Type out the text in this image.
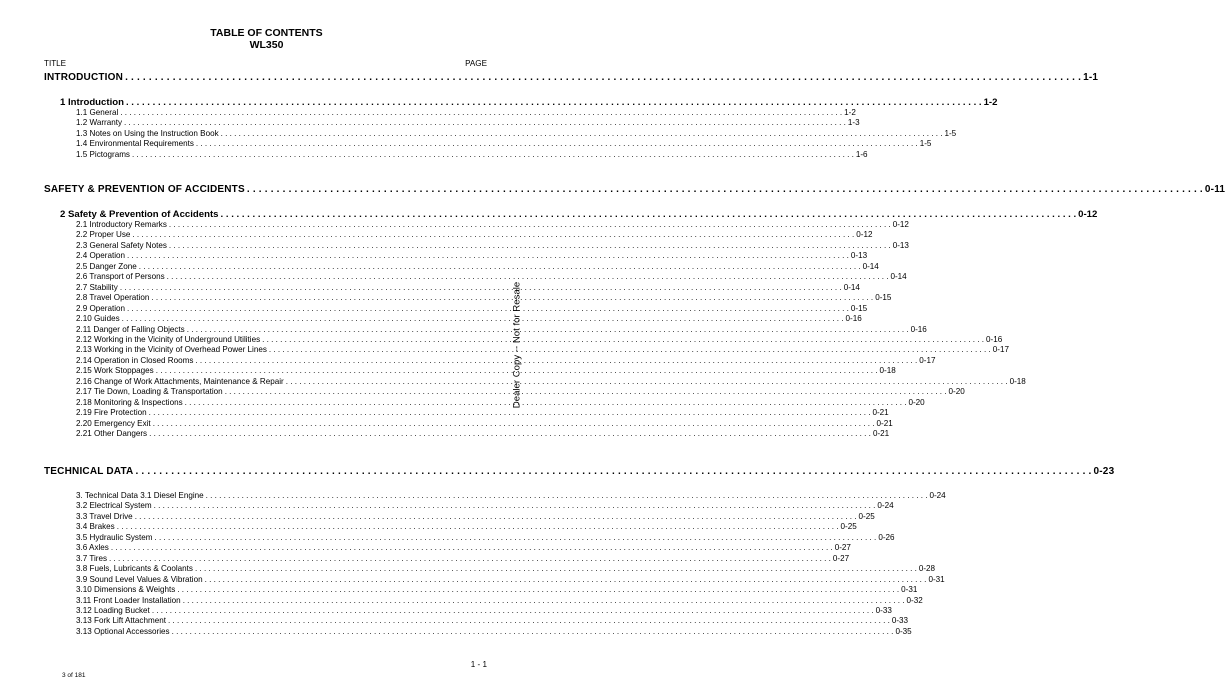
TABLE OF CONTENTS
WL350
TITLE	PAGE
INTRODUCTION . . . . . . . . . . . . . . . . . . . . . . . . . . . . . . . . . . . . . . . . . . . . . . . . . . . . . . . . . . . . . . . . . . . . . . . . . . . . . . . . . . . . . . . . . . . . . . . . . . . . . . . . . . . . . . . . . . . . . . . . . . . . . . . . . . . . . . . . . . . . . . . . . . . . . . . . . . . . . . . . . 1-1
1 Introduction . . . . . . . . . . . . . . . . . . . . . . . . . . . . . . . . . . . . . . . . . . . . . . . . . . . . . . . . . . . . . . . . . . . . . . . . . . . . . . . . . . . . . . . . . . . . . . . . . . . . . . . . . . . . . . . . . . . . . . . . . . . . . . . . . . . . . . . . . . . . . . . . . . . . . . . . . . . . . . . . . 1-2
1.1 General . . . . . . . . . . . . . . . . . . . . . . . . . . . . . . . . . . . . . . . . . . . . . . . . . . . . . . . . . . . . . . . . . . . . . . . . . . . . . . . . . . . . . . . . . . . . . . . . . . . . . . . . . . . . . . . . . . . . . . . . . . . . . . . . . . . . . . . . . . . . . . . . . . . . . . . . . . . . . . . . . 1-2
1.2 Warranty . . . . . . . . . . . . . . . . . . . . . . . . . . . . . . . . . . . . . . . . . . . . . . . . . . . . . . . . . . . . . . . . . . . . . . . . . . . . . . . . . . . . . . . . . . . . . . . . . . . . . . . . . . . . . . . . . . . . . . . . . . . . . . . . . . . . . . . . . . . . . . . . . . . . . . . . . . . . . . . . . 1-3
1.3 Notes on Using the Instruction Book . . . . . . . . . . . . . . . . . . . . . . . . . . . . . . . . . . . . . . . . . . . . . . . . . . . . . . . . . . . . . . . . . . . . . . . . . . . . . . . . . . . . . . . . . . . . . . . . . . . . . . . . . . . . . . . . . . . . . . . . . . . . . . . . . . . . . . . . . . . . . . . . . . . . . . . . . . . . . . . . . 1-5
1.4 Environmental Requirements . . . . . . . . . . . . . . . . . . . . . . . . . . . . . . . . . . . . . . . . . . . . . . . . . . . . . . . . . . . . . . . . . . . . . . . . . . . . . . . . . . . . . . . . . . . . . . . . . . . . . . . . . . . . . . . . . . . . . . . . . . . . . . . . . . . . . . . . . . . . . . . . . . . . . . . . . . . . . . . . . 1-5
1.5 Pictograms . . . . . . . . . . . . . . . . . . . . . . . . . . . . . . . . . . . . . . . . . . . . . . . . . . . . . . . . . . . . . . . . . . . . . . . . . . . . . . . . . . . . . . . . . . . . . . . . . . . . . . . . . . . . . . . . . . . . . . . . . . . . . . . . . . . . . . . . . . . . . . . . . . . . . . . . . . . . . . . . . 1-6
SAFETY & PREVENTION OF ACCIDENTS . . . . . . . . . . . . . . . . . . . . . . . . . . . . . . . . . . . . . . . . . . . . . . . . . . . . . . . . . . . . . . . . . . . . . . . . . . . . . . . . . . . . . . . . . . . . . . . . . . . . . . . . . . . . . . . . . . . . . . . . . . . . . . . . . . . . . . . . . . . . . . . . . . . . . . . . . . . . . . . . . 0-11
2 Safety & Prevention of Accidents . . . . . . . . . . . . . . . . . . . . . . . . . . . . . . . . . . . . . . . . . . . . . . . . . . . . . . . . . . . . . . . . . . . . . . . . . . . . . . . . . . . . . . . . . . . . . . . . . . . . . . . . . . . . . . . . . . . . . . . . . . . . . . . . . . . . . . . . . . . . . . . . . . . . . . . . . . . . . . . . . 0-12
2.1 Introductory Remarks . . . . . . . . . . . . . . . . . . . . . . . . . . . . . . . . . . . . . . . . . . . . . . . . . . . . . . . . . . . . . . . . . . . . . . . . . . . . . . . . . . . . . . . . . . . . . . . . . . . . . . . . . . . . . . . . . . . . . . . . . . . . . . . . . . . . . . . . . . . . . . . . . . . . . . . . . . . . . . . . . 0-12
2.2 Proper Use . . . . . . . . . . . . . . . . . . . . . . . . . . . . . . . . . . . . . . . . . . . . . . . . . . . . . . . . . . . . . . . . . . . . . . . . . . . . . . . . . . . . . . . . . . . . . . . . . . . . . . . . . . . . . . . . . . . . . . . . . . . . . . . . . . . . . . . . . . . . . . . . . . . . . . . . . . . . . . . . . 0-12
2.3 General Safety Notes . . . . . . . . . . . . . . . . . . . . . . . . . . . . . . . . . . . . . . . . . . . . . . . . . . . . . . . . . . . . . . . . . . . . . . . . . . . . . . . . . . . . . . . . . . . . . . . . . . . . . . . . . . . . . . . . . . . . . . . . . . . . . . . . . . . . . . . . . . . . . . . . . . . . . . . . . . . . . . . . . 0-13
2.4 Operation . . . . . . . . . . . . . . . . . . . . . . . . . . . . . . . . . . . . . . . . . . . . . . . . . . . . . . . . . . . . . . . . . . . . . . . . . . . . . . . . . . . . . . . . . . . . . . . . . . . . . . . . . . . . . . . . . . . . . . . . . . . . . . . . . . . . . . . . . . . . . . . . . . . . . . . . . . . . . . . . . 0-13
2.5 Danger Zone . . . . . . . . . . . . . . . . . . . . . . . . . . . . . . . . . . . . . . . . . . . . . . . . . . . . . . . . . . . . . . . . . . . . . . . . . . . . . . . . . . . . . . . . . . . . . . . . . . . . . . . . . . . . . . . . . . . . . . . . . . . . . . . . . . . . . . . . . . . . . . . . . . . . . . . . . . . . . . . . . 0-14
2.6 Transport of Persons . . . . . . . . . . . . . . . . . . . . . . . . . . . . . . . . . . . . . . . . . . . . . . . . . . . . . . . . . . . . . . . . . . . . . . . . . . . . . . . . . . . . . . . . . . . . . . . . . . . . . . . . . . . . . . . . . . . . . . . . . . . . . . . . . . . . . . . . . . . . . . . . . . . . . . . . . . . . . . . . . 0-14
2.7 Stability . . . . . . . . . . . . . . . . . . . . . . . . . . . . . . . . . . . . . . . . . . . . . . . . . . . . . . . . . . . . . . . . . . . . . . . . . . . . . . . . . . . . . . . . . . . . . . . . . . . . . . . . . . . . . . . . . . . . . . . . . . . . . . . . . . . . . . . . . . . . . . . . . . . . . . . . . . . . . . . . . 0-14
2.8 Travel Operation . . . . . . . . . . . . . . . . . . . . . . . . . . . . . . . . . . . . . . . . . . . . . . . . . . . . . . . . . . . . . . . . . . . . . . . . . . . . . . . . . . . . . . . . . . . . . . . . . . . . . . . . . . . . . . . . . . . . . . . . . . . . . . . . . . . . . . . . . . . . . . . . . . . . . . . . . . . . . . . . . 0-15
2.9 Operation . . . . . . . . . . . . . . . . . . . . . . . . . . . . . . . . . . . . . . . . . . . . . . . . . . . . . . . . . . . . . . . . . . . . . . . . . . . . . . . . . . . . . . . . . . . . . . . . . . . . . . . . . . . . . . . . . . . . . . . . . . . . . . . . . . . . . . . . . . . . . . . . . . . . . . . . . . . . . . . . . 0-15
2.10 Guides . . . . . . . . . . . . . . . . . . . . . . . . . . . . . . . . . . . . . . . . . . . . . . . . . . . . . . . . . . . . . . . . . . . . . . . . . . . . . . . . . . . . . . . . . . . . . . . . . . . . . . . . . . . . . . . . . . . . . . . . . . . . . . . . . . . . . . . . . . . . . . . . . . . . . . . . . . . . . . . . . 0-16
2.11 Danger of Falling Objects . . . . . . . . . . . . . . . . . . . . . . . . . . . . . . . . . . . . . . . . . . . . . . . . . . . . . . . . . . . . . . . . . . . . . . . . . . . . . . . . . . . . . . . . . . . . . . . . . . . . . . . . . . . . . . . . . . . . . . . . . . . . . . . . . . . . . . . . . . . . . . . . . . . . . . . . . . . . . . . . . 0-16
2.12 Working in the Vicinity of Underground Utilities . . . . . . . . . . . . . . . . . . . . . . . . . . . . . . . . . . . . . . . . . . . . . . . . . . . . . . . . . . . . . . . . . . . . . . . . . . . . . . . . . . . . . . . . . . . . . . . . . . . . . . . . . . . . . . . . . . . . . . . . . . . . . . . . . . . . . . . . . . . . . . . . . . . . . . . . . . . . . . . . . 0-16
2.13 Working in the Vicinity of Overhead Power Lines . . . . . . . . . . . . . . . . . . . . . . . . . . . . . . . . . . . . . . . . . . . . . . . . . . . . . . . . . . . . . . . . . . . . . . . . . . . . . . . . . . . . . . . . . . . . . . . . . . . . . . . . . . . . . . . . . . . . . . . . . . . . . . . . . . . . . . . . . . . . . . . . . . . . . . . . . . . . . . . . . 0-17
2.14 Operation in Closed Rooms . . . . . . . . . . . . . . . . . . . . . . . . . . . . . . . . . . . . . . . . . . . . . . . . . . . . . . . . . . . . . . . . . . . . . . . . . . . . . . . . . . . . . . . . . . . . . . . . . . . . . . . . . . . . . . . . . . . . . . . . . . . . . . . . . . . . . . . . . . . . . . . . . . . . . . . . . . . . . . . . . 0-17
2.15 Work Stoppages . . . . . . . . . . . . . . . . . . . . . . . . . . . . . . . . . . . . . . . . . . . . . . . . . . . . . . . . . . . . . . . . . . . . . . . . . . . . . . . . . . . . . . . . . . . . . . . . . . . . . . . . . . . . . . . . . . . . . . . . . . . . . . . . . . . . . . . . . . . . . . . . . . . . . . . . . . . . . . . . . 0-18
2.16 Change of Work Attachments, Maintenance & Repair . . . . . . . . . . . . . . . . . . . . . . . . . . . . . . . . . . . . . . . . . . . . . . . . . . . . . . . . . . . . . . . . . . . . . . . . . . . . . . . . . . . . . . . . . . . . . . . . . . . . . . . . . . . . . . . . . . . . . . . . . . . . . . . . . . . . . . . . . . . . . . . . . . . . . . . . . . . . . . . . . 0-18
2.17 Tie Down, Loading & Transportation . . . . . . . . . . . . . . . . . . . . . . . . . . . . . . . . . . . . . . . . . . . . . . . . . . . . . . . . . . . . . . . . . . . . . . . . . . . . . . . . . . . . . . . . . . . . . . . . . . . . . . . . . . . . . . . . . . . . . . . . . . . . . . . . . . . . . . . . . . . . . . . . . . . . . . . . . . . . . . . . . 0-20
2.18 Monitoring & Inspections . . . . . . . . . . . . . . . . . . . . . . . . . . . . . . . . . . . . . . . . . . . . . . . . . . . . . . . . . . . . . . . . . . . . . . . . . . . . . . . . . . . . . . . . . . . . . . . . . . . . . . . . . . . . . . . . . . . . . . . . . . . . . . . . . . . . . . . . . . . . . . . . . . . . . . . . . . . . . . . . . 0-20
2.19 Fire Protection . . . . . . . . . . . . . . . . . . . . . . . . . . . . . . . . . . . . . . . . . . . . . . . . . . . . . . . . . . . . . . . . . . . . . . . . . . . . . . . . . . . . . . . . . . . . . . . . . . . . . . . . . . . . . . . . . . . . . . . . . . . . . . . . . . . . . . . . . . . . . . . . . . . . . . . . . . . . . . . . . 0-21
2.20 Emergency Exit . . . . . . . . . . . . . . . . . . . . . . . . . . . . . . . . . . . . . . . . . . . . . . . . . . . . . . . . . . . . . . . . . . . . . . . . . . . . . . . . . . . . . . . . . . . . . . . . . . . . . . . . . . . . . . . . . . . . . . . . . . . . . . . . . . . . . . . . . . . . . . . . . . . . . . . . . . . . . . . . . 0-21
2.21 Other Dangers . . . . . . . . . . . . . . . . . . . . . . . . . . . . . . . . . . . . . . . . . . . . . . . . . . . . . . . . . . . . . . . . . . . . . . . . . . . . . . . . . . . . . . . . . . . . . . . . . . . . . . . . . . . . . . . . . . . . . . . . . . . . . . . . . . . . . . . . . . . . . . . . . . . . . . . . . . . . . . . . . 0-21
TECHNICAL DATA . . . . . . . . . . . . . . . . . . . . . . . . . . . . . . . . . . . . . . . . . . . . . . . . . . . . . . . . . . . . . . . . . . . . . . . . . . . . . . . . . . . . . . . . . . . . . . . . . . . . . . . . . . . . . . . . . . . . . . . . . . . . . . . . . . . . . . . . . . . . . . . . . . . . . . . . . . . . . . . . . 0-23
3. Technical Data 3.1 Diesel Engine . . . . . . . . . . . . . . . . . . . . . . . . . . . . . . . . . . . . . . . . . . . . . . . . . . . . . . . . . . . . . . . . . . . . . . . . . . . . . . . . . . . . . . . . . . . . . . . . . . . . . . . . . . . . . . . . . . . . . . . . . . . . . . . . . . . . . . . . . . . . . . . . . . . . . . . . . . . . . . . . . 0-24
3.2 Electrical System . . . . . . . . . . . . . . . . . . . . . . . . . . . . . . . . . . . . . . . . . . . . . . . . . . . . . . . . . . . . . . . . . . . . . . . . . . . . . . . . . . . . . . . . . . . . . . . . . . . . . . . . . . . . . . . . . . . . . . . . . . . . . . . . . . . . . . . . . . . . . . . . . . . . . . . . . . . . . . . . . 0-24
3.3 Travel Drive . . . . . . . . . . . . . . . . . . . . . . . . . . . . . . . . . . . . . . . . . . . . . . . . . . . . . . . . . . . . . . . . . . . . . . . . . . . . . . . . . . . . . . . . . . . . . . . . . . . . . . . . . . . . . . . . . . . . . . . . . . . . . . . . . . . . . . . . . . . . . . . . . . . . . . . . . . . . . . . . . 0-25
3.4 Brakes . . . . . . . . . . . . . . . . . . . . . . . . . . . . . . . . . . . . . . . . . . . . . . . . . . . . . . . . . . . . . . . . . . . . . . . . . . . . . . . . . . . . . . . . . . . . . . . . . . . . . . . . . . . . . . . . . . . . . . . . . . . . . . . . . . . . . . . . . . . . . . . . . . . . . . . . . . . . . . . . . 0-25
3.5 Hydraulic System . . . . . . . . . . . . . . . . . . . . . . . . . . . . . . . . . . . . . . . . . . . . . . . . . . . . . . . . . . . . . . . . . . . . . . . . . . . . . . . . . . . . . . . . . . . . . . . . . . . . . . . . . . . . . . . . . . . . . . . . . . . . . . . . . . . . . . . . . . . . . . . . . . . . . . . . . . . . . . . . . 0-26
3.6 Axles . . . . . . . . . . . . . . . . . . . . . . . . . . . . . . . . . . . . . . . . . . . . . . . . . . . . . . . . . . . . . . . . . . . . . . . . . . . . . . . . . . . . . . . . . . . . . . . . . . . . . . . . . . . . . . . . . . . . . . . . . . . . . . . . . . . . . . . . . . . . . . . . . . . . . . . . . . . . . . . . . 0-27
3.7 Tires . . . . . . . . . . . . . . . . . . . . . . . . . . . . . . . . . . . . . . . . . . . . . . . . . . . . . . . . . . . . . . . . . . . . . . . . . . . . . . . . . . . . . . . . . . . . . . . . . . . . . . . . . . . . . . . . . . . . . . . . . . . . . . . . . . . . . . . . . . . . . . . . . . . . . . . . . . . . . . . . . 0-27
3.8 Fuels, Lubricants & Coolants . . . . . . . . . . . . . . . . . . . . . . . . . . . . . . . . . . . . . . . . . . . . . . . . . . . . . . . . . . . . . . . . . . . . . . . . . . . . . . . . . . . . . . . . . . . . . . . . . . . . . . . . . . . . . . . . . . . . . . . . . . . . . . . . . . . . . . . . . . . . . . . . . . . . . . . . . . . . . . . . . 0-28
3.9 Sound Level Values & Vibration . . . . . . . . . . . . . . . . . . . . . . . . . . . . . . . . . . . . . . . . . . . . . . . . . . . . . . . . . . . . . . . . . . . . . . . . . . . . . . . . . . . . . . . . . . . . . . . . . . . . . . . . . . . . . . . . . . . . . . . . . . . . . . . . . . . . . . . . . . . . . . . . . . . . . . . . . . . . . . . . . 0-31
3.10 Dimensions & Weights . . . . . . . . . . . . . . . . . . . . . . . . . . . . . . . . . . . . . . . . . . . . . . . . . . . . . . . . . . . . . . . . . . . . . . . . . . . . . . . . . . . . . . . . . . . . . . . . . . . . . . . . . . . . . . . . . . . . . . . . . . . . . . . . . . . . . . . . . . . . . . . . . . . . . . . . . . . . . . . . . 0-31
3.11 Front Loader Installation . . . . . . . . . . . . . . . . . . . . . . . . . . . . . . . . . . . . . . . . . . . . . . . . . . . . . . . . . . . . . . . . . . . . . . . . . . . . . . . . . . . . . . . . . . . . . . . . . . . . . . . . . . . . . . . . . . . . . . . . . . . . . . . . . . . . . . . . . . . . . . . . . . . . . . . . . . . . . . . . . 0-32
3.12 Loading Bucket . . . . . . . . . . . . . . . . . . . . . . . . . . . . . . . . . . . . . . . . . . . . . . . . . . . . . . . . . . . . . . . . . . . . . . . . . . . . . . . . . . . . . . . . . . . . . . . . . . . . . . . . . . . . . . . . . . . . . . . . . . . . . . . . . . . . . . . . . . . . . . . . . . . . . . . . . . . . . . . . . 0-33
3.13 Fork Lift Attachment . . . . . . . . . . . . . . . . . . . . . . . . . . . . . . . . . . . . . . . . . . . . . . . . . . . . . . . . . . . . . . . . . . . . . . . . . . . . . . . . . . . . . . . . . . . . . . . . . . . . . . . . . . . . . . . . . . . . . . . . . . . . . . . . . . . . . . . . . . . . . . . . . . . . . . . . . . . . . . . . . 0-33
3.13 Optional Accessories . . . . . . . . . . . . . . . . . . . . . . . . . . . . . . . . . . . . . . . . . . . . . . . . . . . . . . . . . . . . . . . . . . . . . . . . . . . . . . . . . . . . . . . . . . . . . . . . . . . . . . . . . . . . . . . . . . . . . . . . . . . . . . . . . . . . . . . . . . . . . . . . . . . . . . . . . . . . . . . . . 0-35
Dealer Copy -- Not for Resale
3 of 181
1 - 1
